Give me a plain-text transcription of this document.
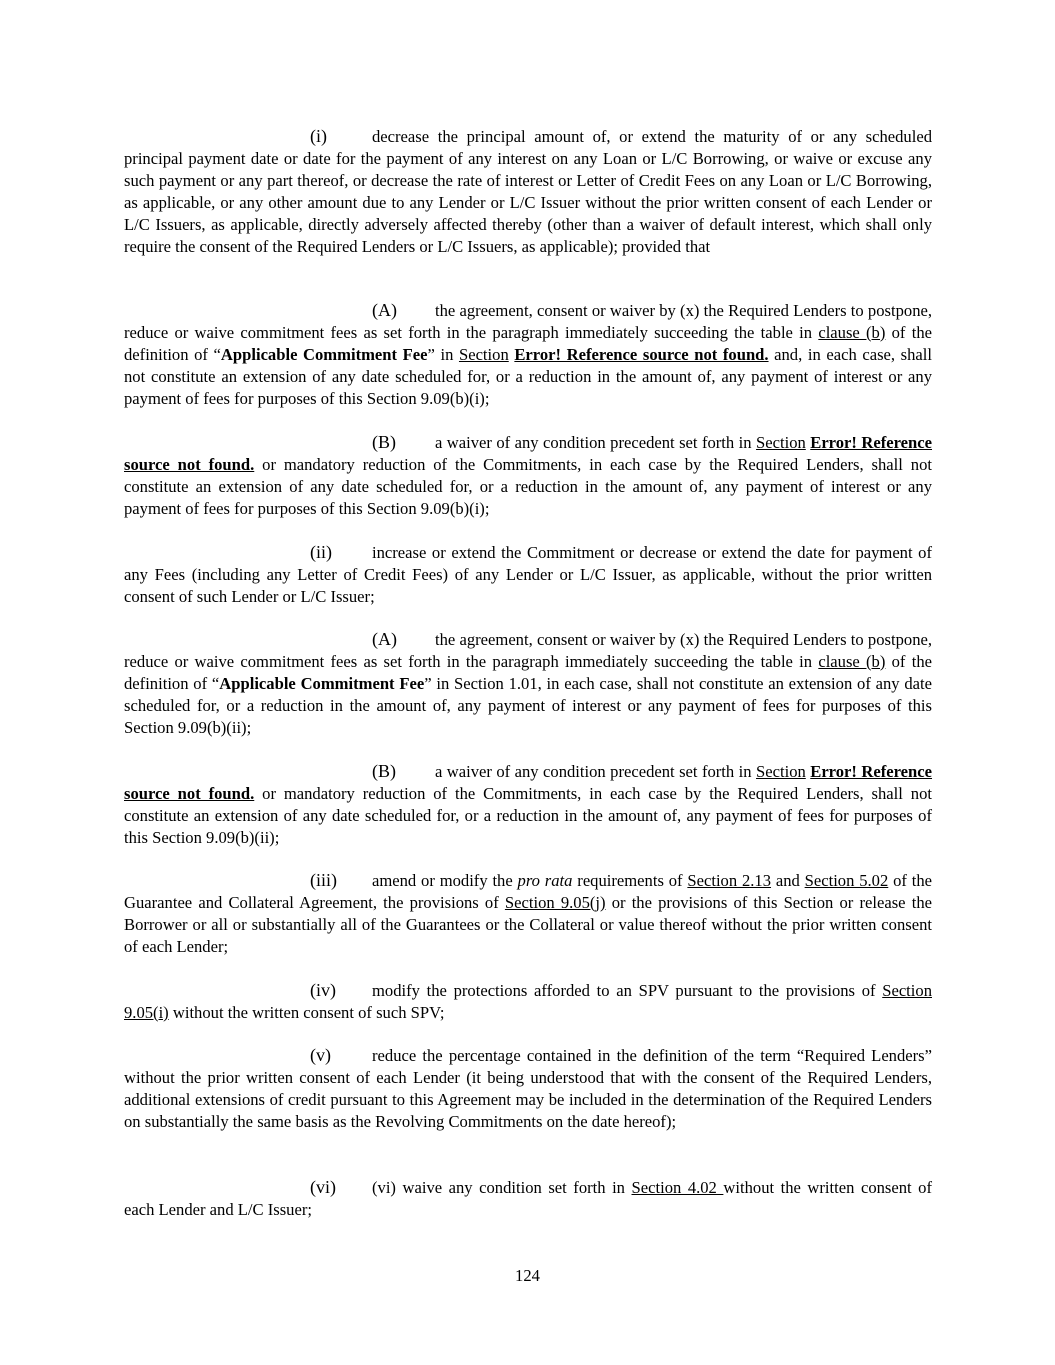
(i)	decrease the principal amount of, or extend the maturity of or any scheduled principal payment date or date for the payment of any interest on any Loan or L/C Borrowing, or waive or excuse any such payment or any part thereof, or decrease the rate of interest or Letter of Credit Fees on any Loan or L/C Borrowing, as applicable, or any other amount due to any Lender or L/C Issuer without the prior written consent of each Lender or L/C Issuers, as applicable, directly adversely affected thereby (other than a waiver of default interest, which shall only require the consent of the Required Lenders or L/C Issuers, as applicable); provided that

(A) the agreement, consent or waiver by (x) the Required Lenders to postpone, reduce or waive commitment fees as set forth in the paragraph immediately succeeding the table in clause (b) of the definition of “Applicable Commitment Fee” in Section Error! Reference source not found. and, in each case, shall not constitute an extension of any date scheduled for, or a reduction in the amount of, any payment of interest or any payment of fees for purposes of this Section 9.09(b)(i);

(B) a waiver of any condition precedent set forth in Section Error! Reference source not found. or mandatory reduction of the Commitments, in each case by the Required Lenders, shall not constitute an extension of any date scheduled for, or a reduction in the amount of, any payment of interest or any payment of fees for purposes of this Section 9.09(b)(i);

(ii) increase or extend the Commitment or decrease or extend the date for payment of any Fees (including any Letter of Credit Fees) of any Lender or L/C Issuer, as applicable, without the prior written consent of such Lender or L/C Issuer;

(A) the agreement, consent or waiver by (x) the Required Lenders to postpone, reduce or waive commitment fees as set forth in the paragraph immediately succeeding the table in clause (b) of the definition of “Applicable Commitment Fee” in Section 1.01, in each case, shall not constitute an extension of any date scheduled for, or a reduction in the amount of, any payment of interest or any payment of fees for purposes of this Section 9.09(b)(ii);

(B) a waiver of any condition precedent set forth in Section Error! Reference source not found. or mandatory reduction of the Commitments, in each case by the Required Lenders, shall not constitute an extension of any date scheduled for, or a reduction in the amount of, any payment of fees for purposes of this Section 9.09(b)(ii);

(iii) amend or modify the pro rata requirements of Section 2.13 and Section 5.02 of the Guarantee and Collateral Agreement, the provisions of Section 9.05(j) or the provisions of this Section or release the Borrower or all or substantially all of the Guarantees or the Collateral or value thereof without the prior written consent of each Lender;

(iv) modify the protections afforded to an SPV pursuant to the provisions of Section 9.05(i) without the written consent of such SPV;

(v) reduce the percentage contained in the definition of the term “Required Lenders” without the prior written consent of each Lender (it being understood that with the consent of the Required Lenders, additional extensions of credit pursuant to this Agreement may be included in the determination of the Required Lenders on substantially the same basis as the Revolving Commitments on the date hereof);

(vi) (vi) waive any condition set forth in Section 4.02 without the written consent of each Lender and L/C Issuer;

124
